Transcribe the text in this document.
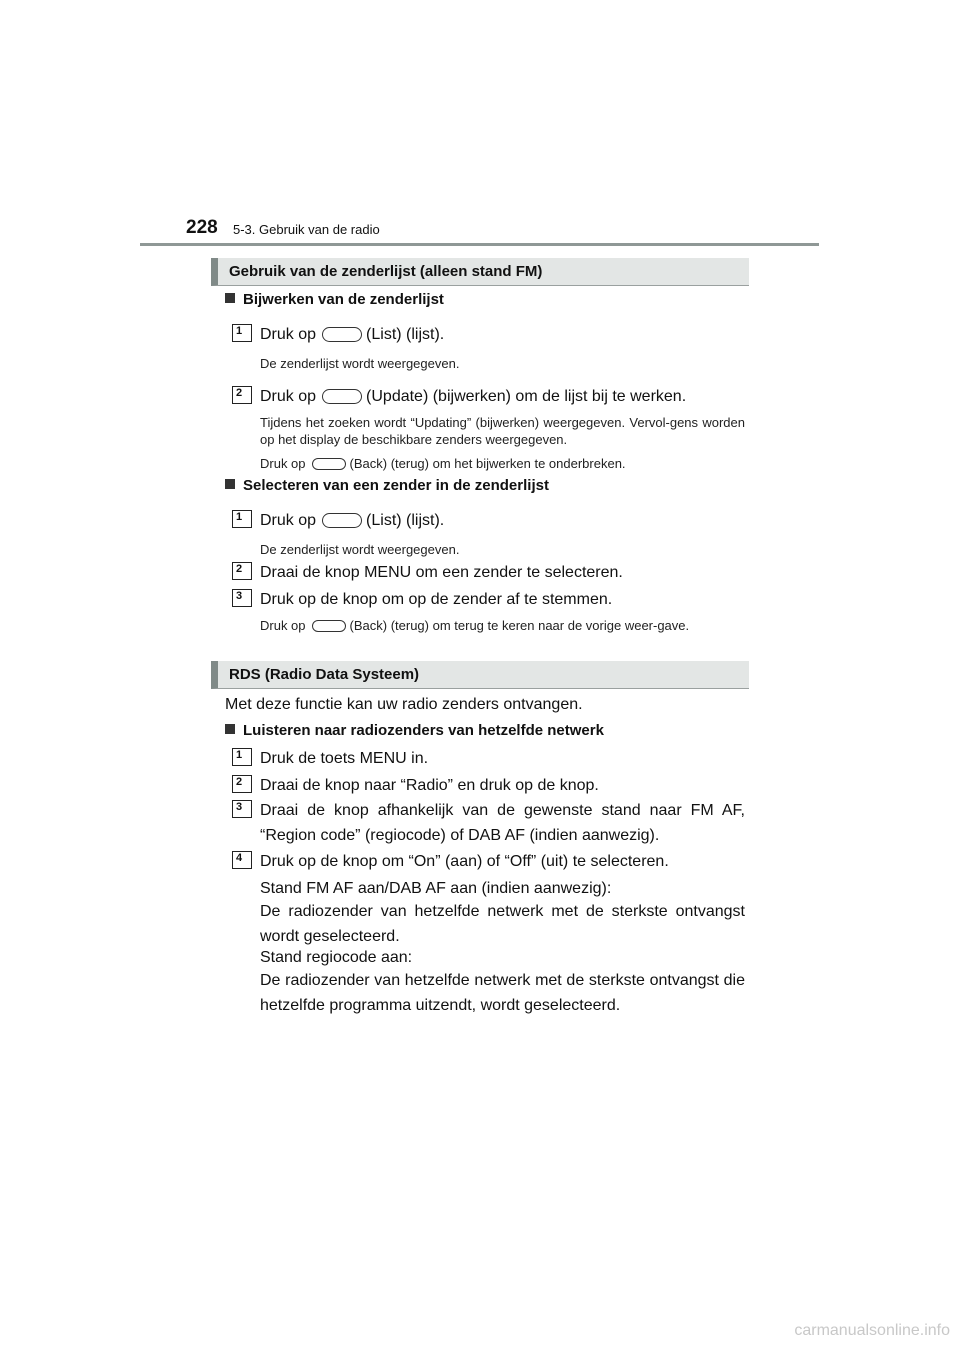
228 5-3. Gebruik van de radio
Gebruik van de zenderlijst (alleen stand FM)
Bijwerken van de zenderlijst
1 Druk op	(List) (lijst).
De zenderlijst wordt weergegeven.
2 Druk op	(Update) (bijwerken) om de lijst bij te werken.
Tijdens het zoeken wordt “Updating” (bijwerken) weergegeven. Vervol-gens worden op het display de beschikbare zenders weergegeven.
Druk op	(Back) (terug) om het bijwerken te onderbreken.
Selecteren van een zender in de zenderlijst
1 Druk op	(List) (lijst).
De zenderlijst wordt weergegeven.
2 Draai de knop MENU om een zender te selecteren.
3 Druk op de knop om op de zender af te stemmen.
Druk op	(Back) (terug) om terug te keren naar de vorige weer-gave.
RDS (Radio Data Systeem)
Met deze functie kan uw radio zenders ontvangen.
Luisteren naar radiozenders van hetzelfde netwerk
1 Druk de toets MENU in.
2 Draai de knop naar “Radio” en druk op de knop.
3 Draai de knop afhankelijk van de gewenste stand naar FM AF, “Region code” (regiocode) of DAB AF (indien aanwezig).
4 Druk op de knop om “On” (aan) of “Off” (uit) te selecteren.
Stand FM AF aan/DAB AF aan (indien aanwezig):
De radiozender van hetzelfde netwerk met de sterkste ontvangst wordt geselecteerd.
Stand regiocode aan:
De radiozender van hetzelfde netwerk met de sterkste ontvangst die hetzelfde programma uitzendt, wordt geselecteerd.
carmanualsonline.info
